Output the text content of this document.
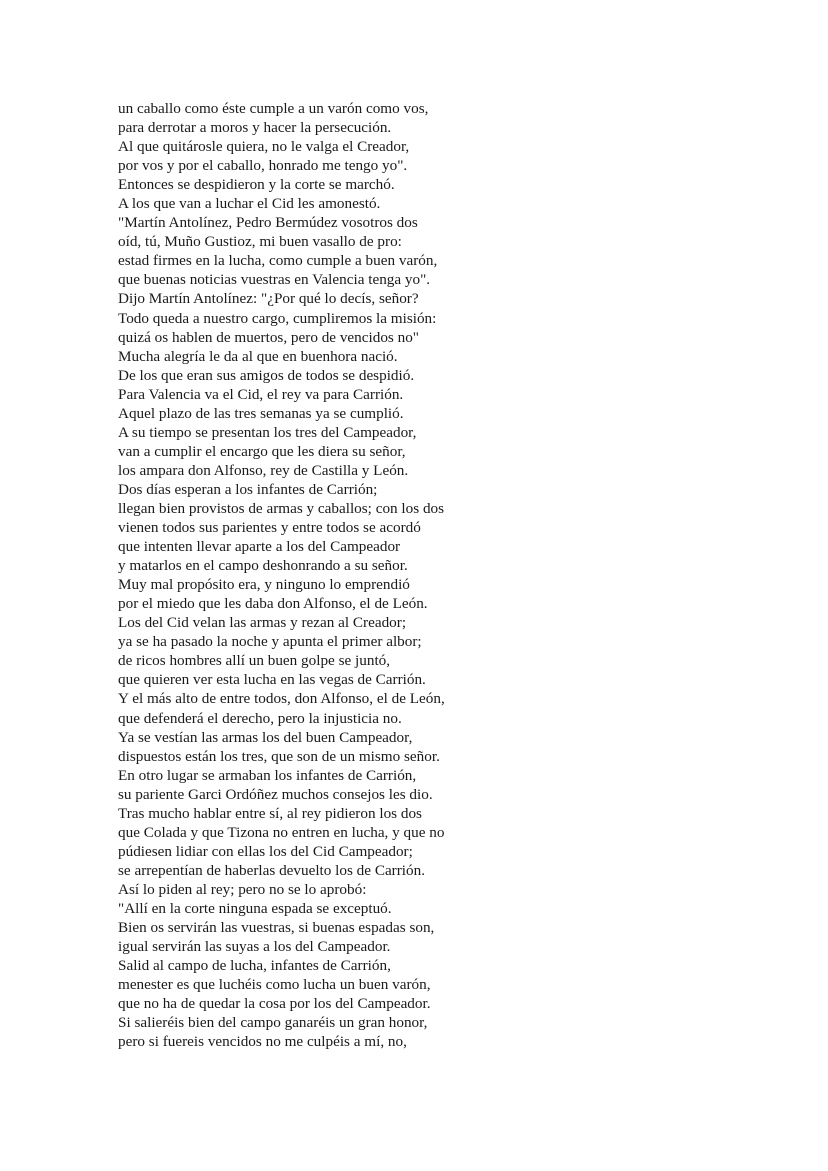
un caballo como éste cumple a un varón como vos,
para derrotar a moros y hacer la persecución.
Al que quitárosle quiera, no le valga el Creador,
por vos y por el caballo, honrado me tengo yo".
Entonces se despidieron y la corte se marchó.
A los que van a luchar el Cid les amonestó.
"Martín Antolínez, Pedro Bermúdez vosotros dos
oíd, tú, Muño Gustioz, mi buen vasallo de pro:
estad firmes en la lucha, como cumple a buen varón,
que buenas noticias vuestras en Valencia tenga yo".
Dijo Martín Antolínez: "¿Por qué lo decís, señor?
Todo queda a nuestro cargo, cumpliremos la misión:
quizá os hablen de muertos, pero de vencidos no"
Mucha alegría le da al que en buenhora nació.
De los que eran sus amigos de todos se despidió.
Para Valencia va el Cid, el rey va para Carrión.
Aquel plazo de las tres semanas ya se cumplió.
A su tiempo se presentan los tres del Campeador,
van a cumplir el encargo que les diera su señor,
los ampara don Alfonso, rey de Castilla y León.
Dos días esperan a los infantes de Carrión;
llegan bien provistos de armas y caballos; con los dos
vienen todos sus parientes y entre todos se acordó
que intenten llevar aparte a los del Campeador
y matarlos en el campo deshonrando a su señor.
Muy mal propósito era, y ninguno lo emprendió
por el miedo que les daba don Alfonso, el de León.
Los del Cid velan las armas y rezan al Creador;
ya se ha pasado la noche y apunta el primer albor;
de ricos hombres allí un buen golpe se juntó,
que quieren ver esta lucha en las vegas de Carrión.
Y el más alto de entre todos, don Alfonso, el de León,
que defenderá el derecho, pero la injusticia no.
Ya se vestían las armas los del buen Campeador,
dispuestos están los tres, que son de un mismo señor.
En otro lugar se armaban los infantes de Carrión,
su pariente Garci Ordóñez muchos consejos les dio.
Tras mucho hablar entre sí, al rey pidieron los dos
que Colada y que Tizona no entren en lucha, y que no
púdiesen lidiar con ellas los del Cid Campeador;
se arrepentían de haberlas devuelto los de Carrión.
Así lo piden al rey; pero no se lo aprobó:
"Allí en la corte ninguna espada se exceptuó.
Bien os servirán las vuestras, si buenas espadas son,
igual servirán las suyas a los del Campeador.
Salid al campo de lucha, infantes de Carrión,
menester es que luchéis como lucha un buen varón,
que no ha de quedar la cosa por los del Campeador.
Si salieréis bien del campo ganaréis un gran honor,
pero si fuereis vencidos no me culpéis a mí, no,
